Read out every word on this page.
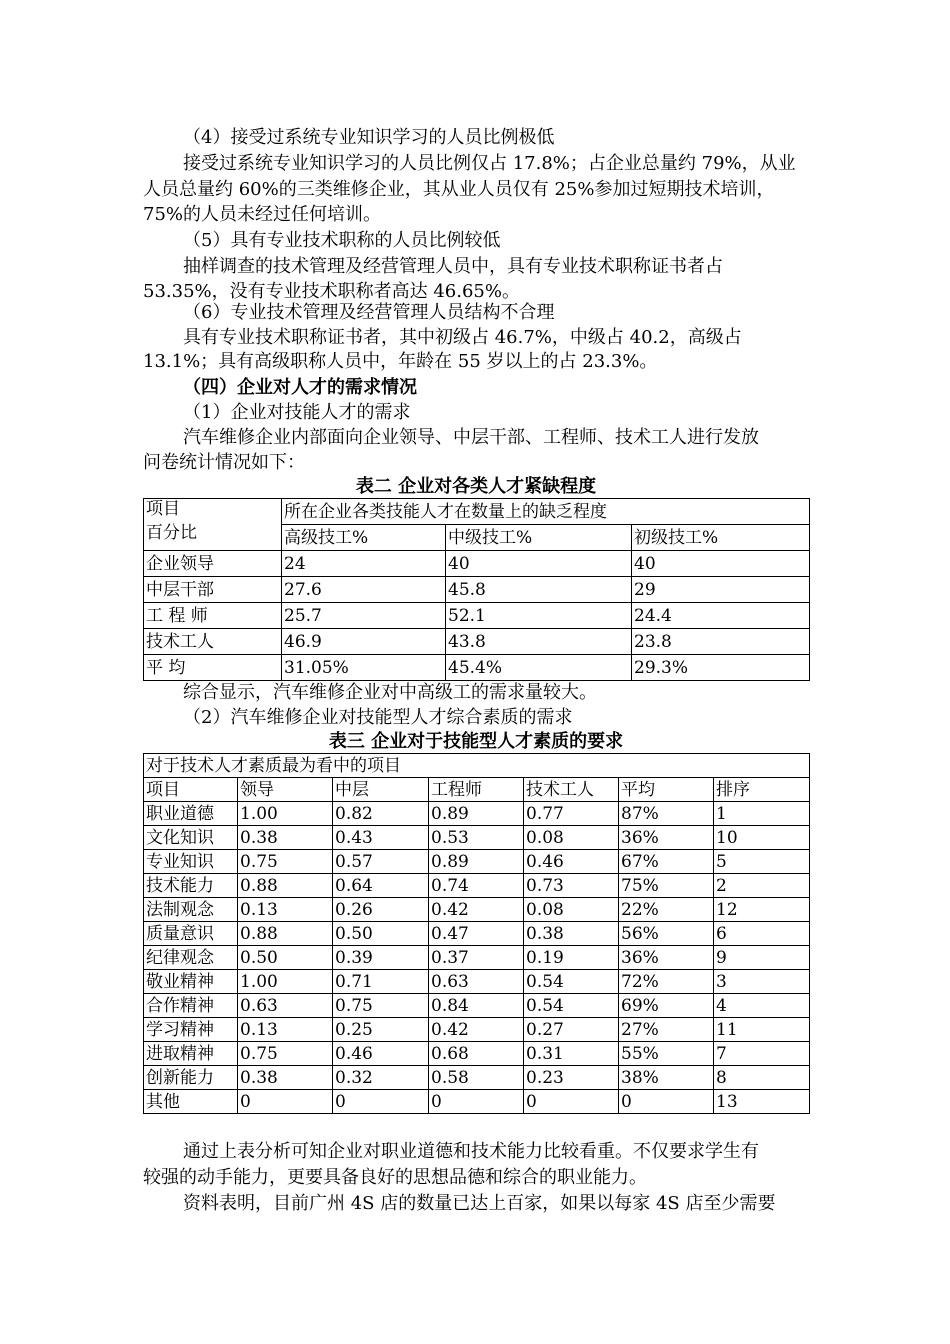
（4）接受过系统专业知识学习的人员比例极低
接受过系统专业知识学习的人员比例仅占 17.8%；占企业总量约 79%，从业
人员总量约 60%的三类维修企业，其从业人员仅有 25%参加过短期技术培训，
75%的人员未经过任何培训。
（5）具有专业技术职称的人员比例较低
抽样调查的技术管理及经营管理人员中，具有专业技术职称证书者占
53.35%，没有专业技术职称者高达 46.65%。
（6）专业技术管理及经营管理人员结构不合理
具有专业技术职称证书者，其中初级占 46.7%，中级占 40.2，高级占
13.1%；具有高级职称人员中，年龄在 55 岁以上的占 23.3%。
（四）企业对人才的需求情况
（1）企业对技能人才的需求
汽车维修企业内部面向企业领导、中层干部、工程师、技术工人进行发放
问卷统计情况如下：
表二 企业对各类人才紧缺程度
项目
百分比	所在企业各类技能人才在数量上的缺乏程度		
	高级技工%	中级技工%	初级技工%
企业领导	24	40	40
中层干部	27.6	45.8	29
工 程 师	25.7	52.1	24.4
技术工人	46.9	43.8	23.8
平 均	31.05%	45.4%	29.3%
综合显示，汽车维修企业对中高级工的需求量较大。
（2）汽车维修企业对技能型人才综合素质的需求
表三 企业对于技能型人才素质的要求
对于技术人才素质最为看中的项目						
项目	领导	中层	工程师	技术工人	平均	排序
职业道德	1.00	0.82	0.89	0.77	87%	1
文化知识	0.38	0.43	0.53	0.08	36%	10
专业知识	0.75	0.57	0.89	0.46	67%	5
技术能力	0.88	0.64	0.74	0.73	75%	2
法制观念	0.13	0.26	0.42	0.08	22%	12
质量意识	0.88	0.50	0.47	0.38	56%	6
纪律观念	0.50	0.39	0.37	0.19	36%	9
敬业精神	1.00	0.71	0.63	0.54	72%	3
合作精神	0.63	0.75	0.84	0.54	69%	4
学习精神	0.13	0.25	0.42	0.27	27%	11
进取精神	0.75	0.46	0.68	0.31	55%	7
创新能力	0.38	0.32	0.58	0.23	38%	8
其他	0	0	0	0	0	13
通过上表分析可知企业对职业道德和技术能力比较看重。不仅要求学生有
较强的动手能力，更要具备良好的思想品德和综合的职业能力。
资料表明，目前广州 4S 店的数量已达上百家，如果以每家 4S 店至少需要
